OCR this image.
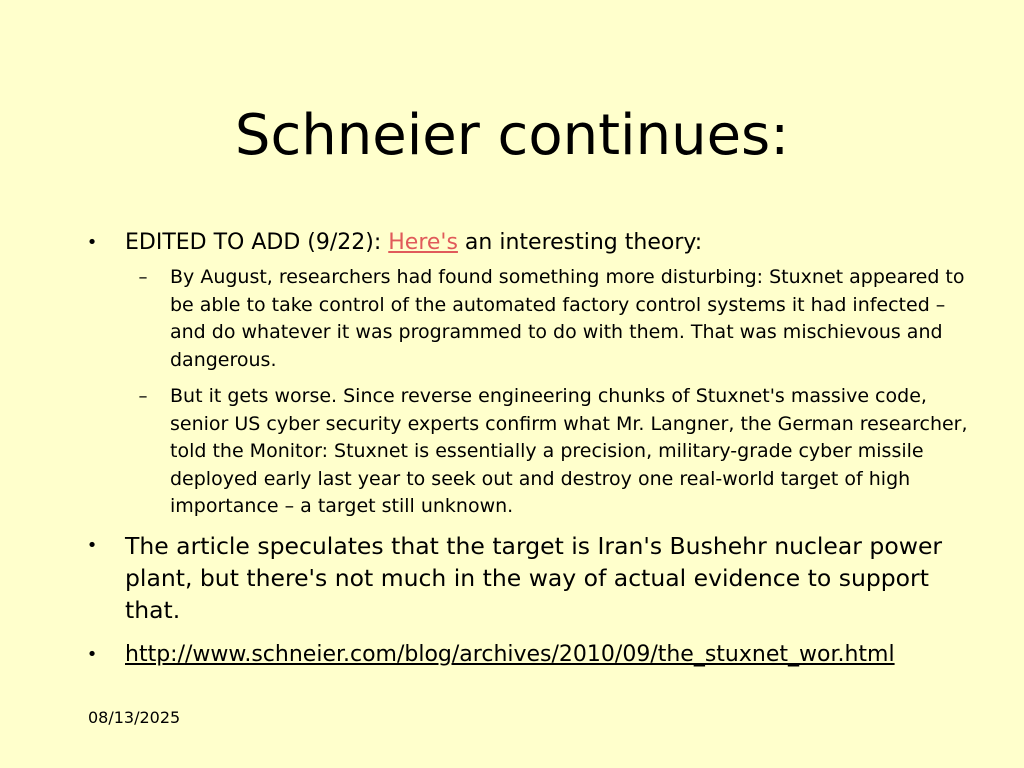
Schneier continues:
• EDITED TO ADD (9/22): Here's an interesting theory:
– By August, researchers had found something more disturbing: Stuxnet appeared to be able to take control of the automated factory control systems it had infected – and do whatever it was programmed to do with them. That was mischievous and dangerous.
– But it gets worse. Since reverse engineering chunks of Stuxnet's massive code, senior US cyber security experts confirm what Mr. Langner, the German researcher, told the Monitor: Stuxnet is essentially a precision, military-grade cyber missile deployed early last year to seek out and destroy one real-world target of high importance – a target still unknown.
• The article speculates that the target is Iran's Bushehr nuclear power plant, but there's not much in the way of actual evidence to support that.
• http://www.schneier.com/blog/archives/2010/09/the_stuxnet_wor.html
08/13/2025
